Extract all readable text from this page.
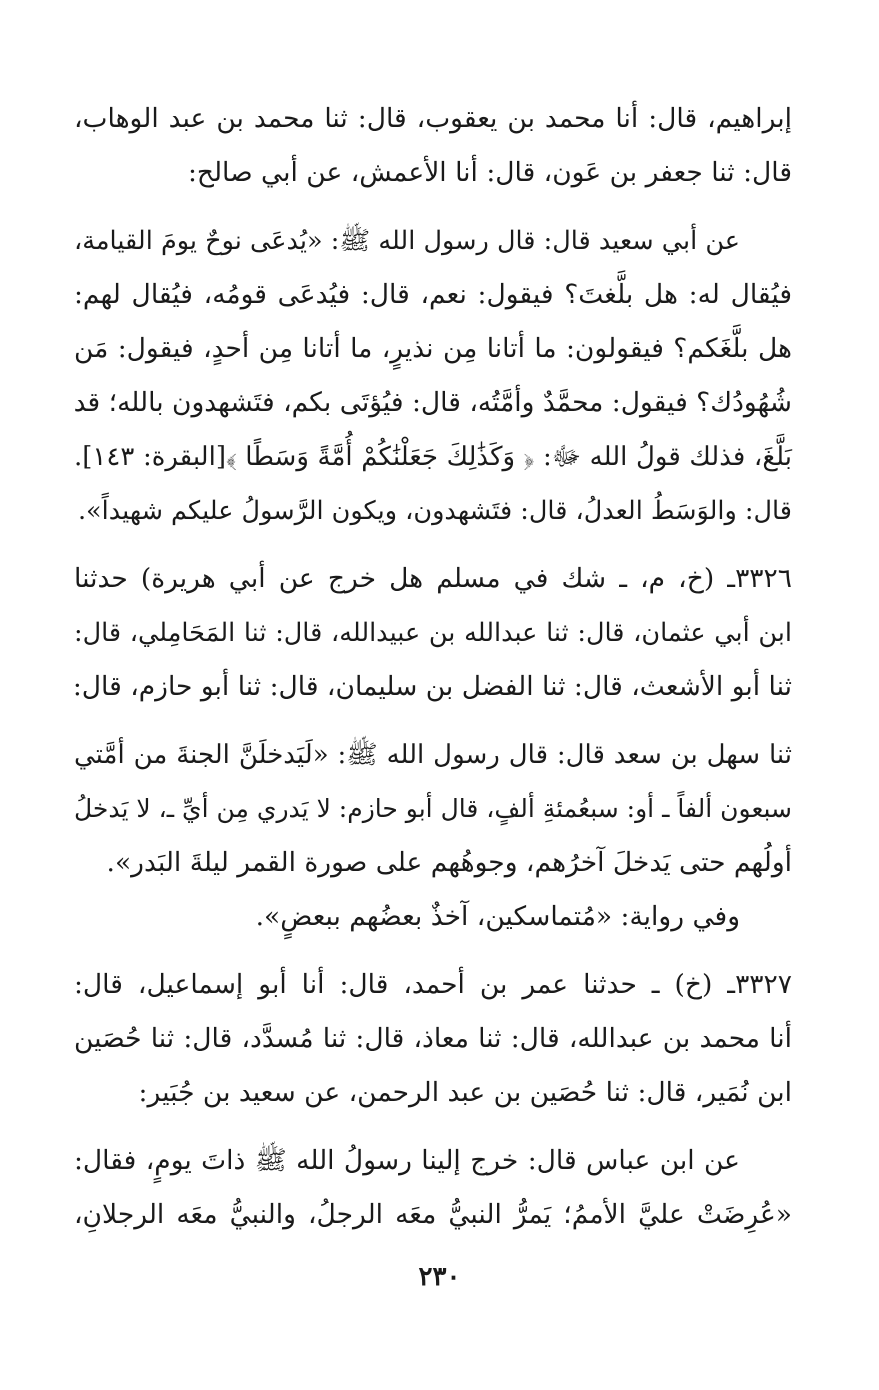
إبراهيم، قال: أنا محمد بن يعقوب، قال: ثنا محمد بن عبد الوهاب،
قال: ثنا جعفر بن عَون، قال: أنا الأعمش، عن أبي صالح:
عن أبي سعيد قال: قال رسول الله ﷺ: «يُدعَى نوحٌ يومَ القيامة،
فيُقال له: هل بلَّغتَ؟ فيقول: نعم، قال: فيُدعَى قومُه، فيُقال لهم:
هل بلَّغَكم؟ فيقولون: ما أتانا مِن نذيرٍ، ما أتانا مِن أحدٍ، فيقول: مَن
شُهُودُك؟ فيقول: محمَّدٌ وأمَّتُه، قال: فيُؤتَى بكم، فتَشهدون بالله؛ قد
بَلَّغَ، فذلك قولُ الله ﷻ: ﴿ وَكَذَٰلِكَ جَعَلْنَٰكُمْ أُمَّةً وَسَطًا ﴾[البقرة: ١٤٣].
قال: والوَسَطُ العدلُ، قال: فتَشهدون، ويكون الرَّسولُ عليكم شهيداً».
٣٣٢٦ـ (خ، م، ـ شك في مسلم هل خرج عن أبي هريرة) حدثنا
ابن أبي عثمان، قال: ثنا عبدالله بن عبيدالله، قال: ثنا المَحَامِلي، قال:
ثنا أبو الأشعث، قال: ثنا الفضل بن سليمان، قال: ثنا أبو حازم، قال:
ثنا سهل بن سعد قال: قال رسول الله ﷺ: «لَيَدخلَنَّ الجنةَ من أمَّتي
سبعون ألفاً ـ أو: سبعُمئةِ ألفٍ، قال أبو حازم: لا يَدري مِن أيِّ ـ، لا يَدخلُ
أولُهم حتى يَدخلَ آخرُهم، وجوهُهم على صورة القمر ليلةَ البَدر».
وفي رواية: «مُتماسكين، آخذٌ بعضُهم ببعضٍ».
٣٣٢٧ـ (خ) ـ حدثنا عمر بن أحمد، قال: أنا أبو إسماعيل، قال:
أنا محمد بن عبدالله، قال: ثنا معاذ، قال: ثنا مُسدَّد، قال: ثنا حُصَين
ابن نُمَير، قال: ثنا حُصَين بن عبد الرحمن، عن سعيد بن جُبَير:
عن ابن عباس قال: خرج إلينا رسولُ الله ﷺ ذاتَ يومٍ، فقال:
«عُرِضَتْ عليَّ الأممُ؛ يَمرُّ النبيُّ معَه الرجلُ، والنبيُّ معَه الرجلانِ،
٢٣٠
